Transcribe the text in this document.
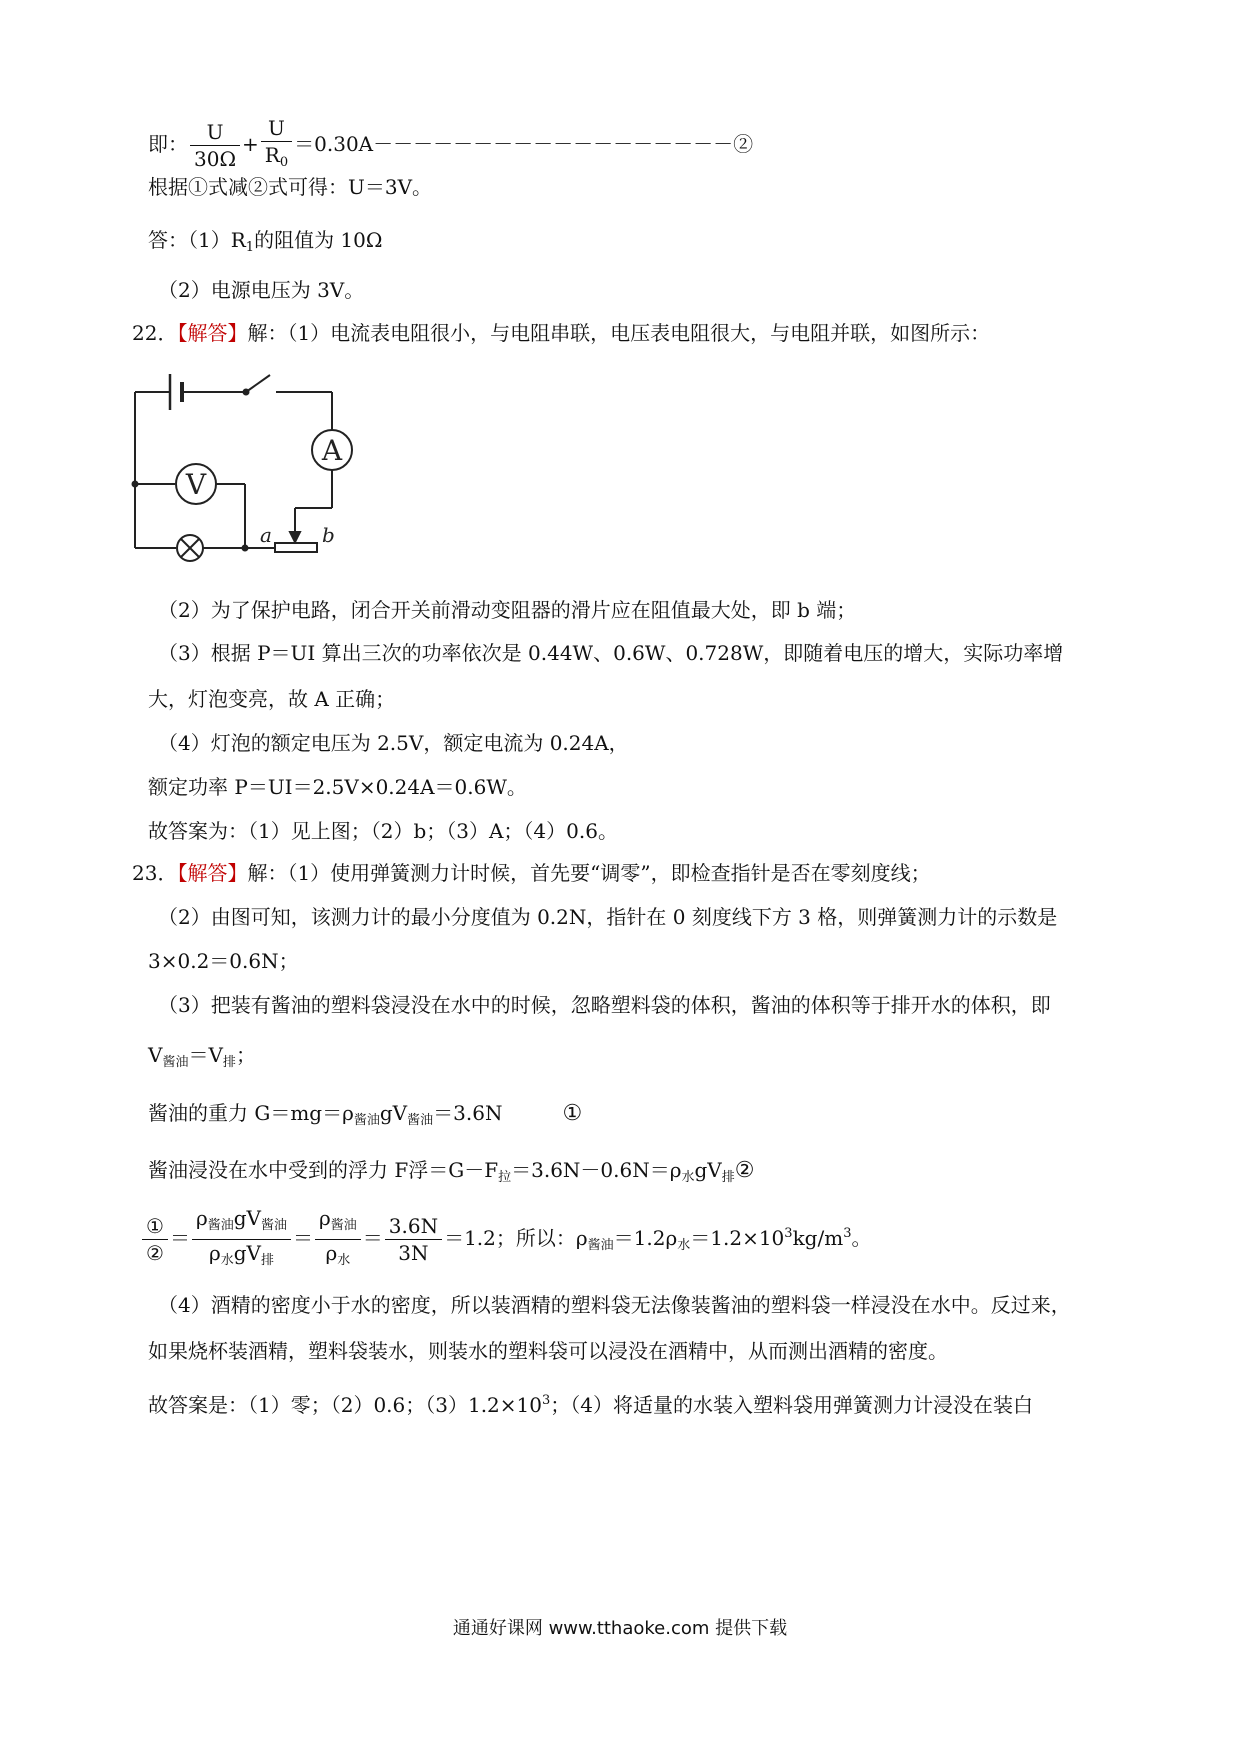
即： $\frac{U}{30\Omega} + \frac{U}{R_0}$ ＝0.30A－－－－－－－－－－－－－－－－－－②
根据①式减②式可得：U＝3V。
答：$(1)R_1$的阻值为 10Ω
（2）电源电压为 3V。
22．【解答】解：（1）电流表电阻很小，与电阻串联，电压表电阻很大，与电阻并联，如图所示：
A
V
a	b
（2）为了保护电路，闭合开关前滑动变阻器的滑片应在阻值最大处，即 b 端；
（3）根据 P＝UI 算出三次的功率依次是 0.44W、0.6W、0.728W，即随着电压的增大，实际功率增
大，灯泡变亮，故 A 正确；
（4）灯泡的额定电压为 2.5V，额定电流为 0.24A，
额定功率 P＝UI＝2.5V×0.24A＝0.6W。
故答案为：（1）见上图；（2）b；（3）A；（4）0.6。
23．【解答】解：（1）使用弹簧测力计时候，首先要“调零”，即检查指针是否在零刻度线；
（2）由图可知，该测力计的最小分度值为 0.2N，指针在 0 刻度线下方 3 格，则弹簧测力计的示数是
3×0.2＝0.6N；
（3）把装有酱油的塑料袋浸没在水中的时候，忽略塑料袋的体积，酱油的体积等于排开水的体积，即
$V_{酱油}=V_排$；
酱油的重力 $G=mg=\rho_{酱油}gV_{酱油}=3.6N$	①
酱油浸没在水中受到的浮力 F浮$=G-F_拉=3.6N-0.6N=\rho_水gV_排②$
$\frac{\text{①}}{\text{②}} = \frac{\rho_{酱油}gV_{酱油}}{\rho_水gV_排} = \frac{\rho_{酱油}}{\rho_水} = \frac{3.6N}{3N} =1.2$；所以：$\rho_{酱油}=1.2\rho_水=1.2\times 10^3kg/m^3$。
（4）酒精的密度小于水的密度，所以装酒精的塑料袋无法像装酱油的塑料袋一样浸没在水中。反过来，
如果烧杯装酒精，塑料袋装水，则装水的塑料袋可以浸没在酒精中，从而测出酒精的密度。
故答案是：（1）零；（2）0.6；$(3)1.2\times 10^3$；（4）将适量的水装入塑料袋用弹簧测力计浸没在装白
通通好课网 www.tthaoke.com 提供下载
